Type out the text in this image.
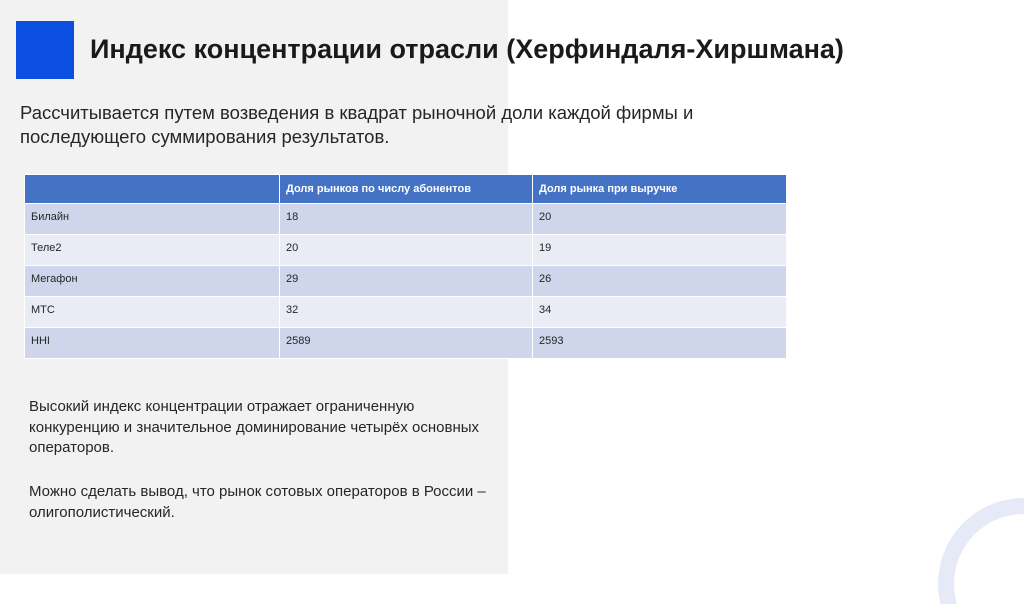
Индекс концентрации отрасли (Херфиндаля-Хиршмана)

Рассчитывается путем возведения в квадрат рыночной доли каждой фирмы и последующего суммирования результатов.

	Доля рынков по числу абонентов	Доля рынка при выручке
Билайн	18	20
Теле2	20	19
Мегафон	29	26
МТС	32	34
HHI	2589	2593

Высокий индекс концентрации отражает ограниченную конкуренцию и значительное доминирование четырёх основных операторов.

Можно сделать вывод, что рынок сотовых операторов в России – олигополистический.
